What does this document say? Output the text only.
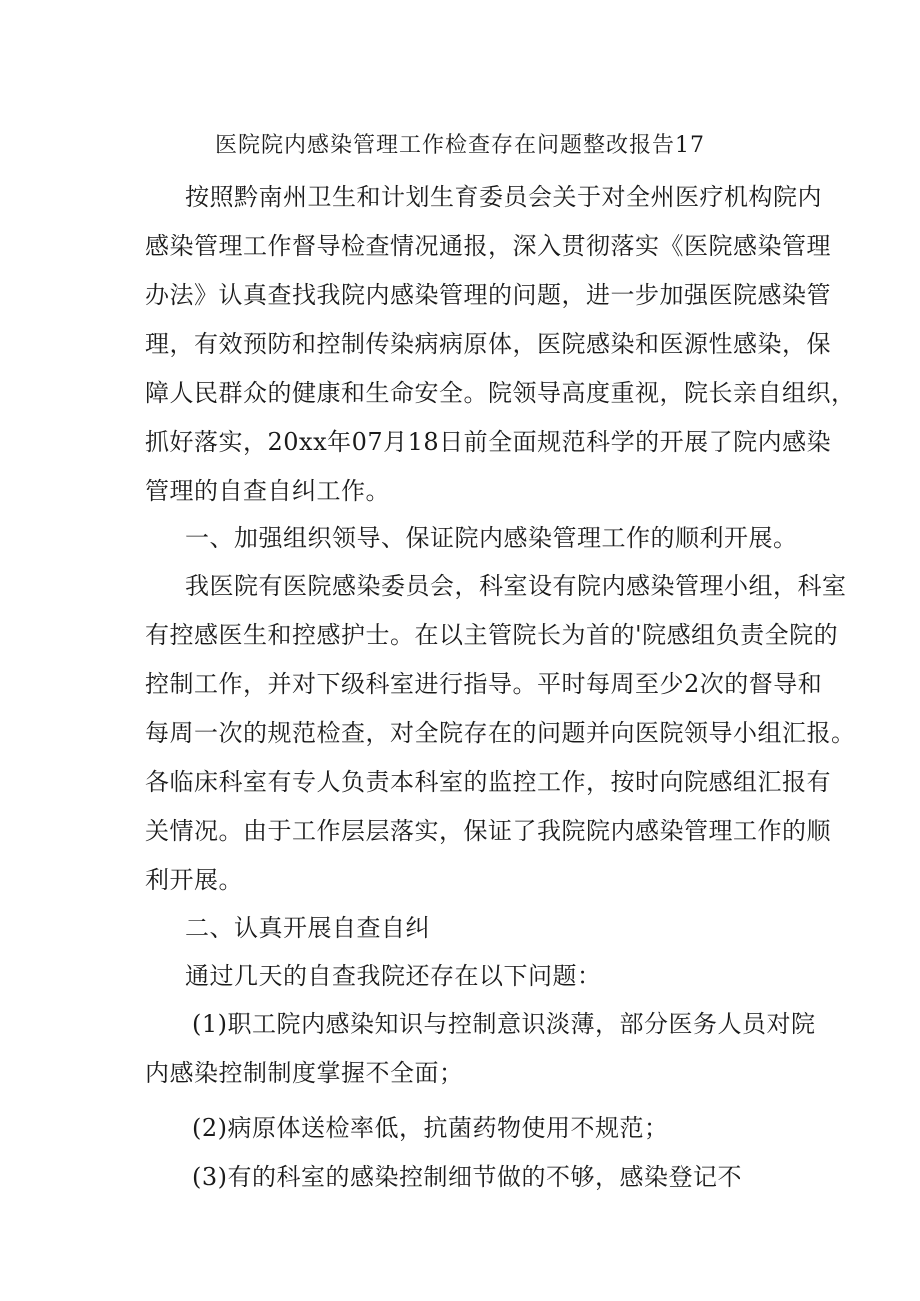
医院院内感染管理工作检查存在问题整改报告17
按照黔南州卫生和计划生育委员会关于对全州医疗机构院内
感染管理工作督导检查情况通报，深入贯彻落实《医院感染管理
办法》认真查找我院内感染管理的问题，进一步加强医院感染管
理，有效预防和控制传染病病原体，医院感染和医源性感染，保
障人民群众的健康和生命安全。院领导高度重视，院长亲自组织，
抓好落实，20xx年07月18日前全面规范科学的开展了院内感染
管理的自查自纠工作。
一、加强组织领导、保证院内感染管理工作的顺利开展。
我医院有医院感染委员会，科室设有院内感染管理小组，科室
有控感医生和控感护士。在以主管院长为首的'院感组负责全院的
控制工作，并对下级科室进行指导。平时每周至少2次的督导和
每周一次的规范检查，对全院存在的问题并向医院领导小组汇报。
各临床科室有专人负责本科室的监控工作，按时向院感组汇报有
关情况。由于工作层层落实，保证了我院院内感染管理工作的顺
利开展。
二、认真开展自查自纠
通过几天的自查我院还存在以下问题：
(1)职工院内感染知识与控制意识淡薄，部分医务人员对院
内感染控制制度掌握不全面；
(2)病原体送检率低，抗菌药物使用不规范；
(3)有的科室的感染控制细节做的不够，感染登记不
